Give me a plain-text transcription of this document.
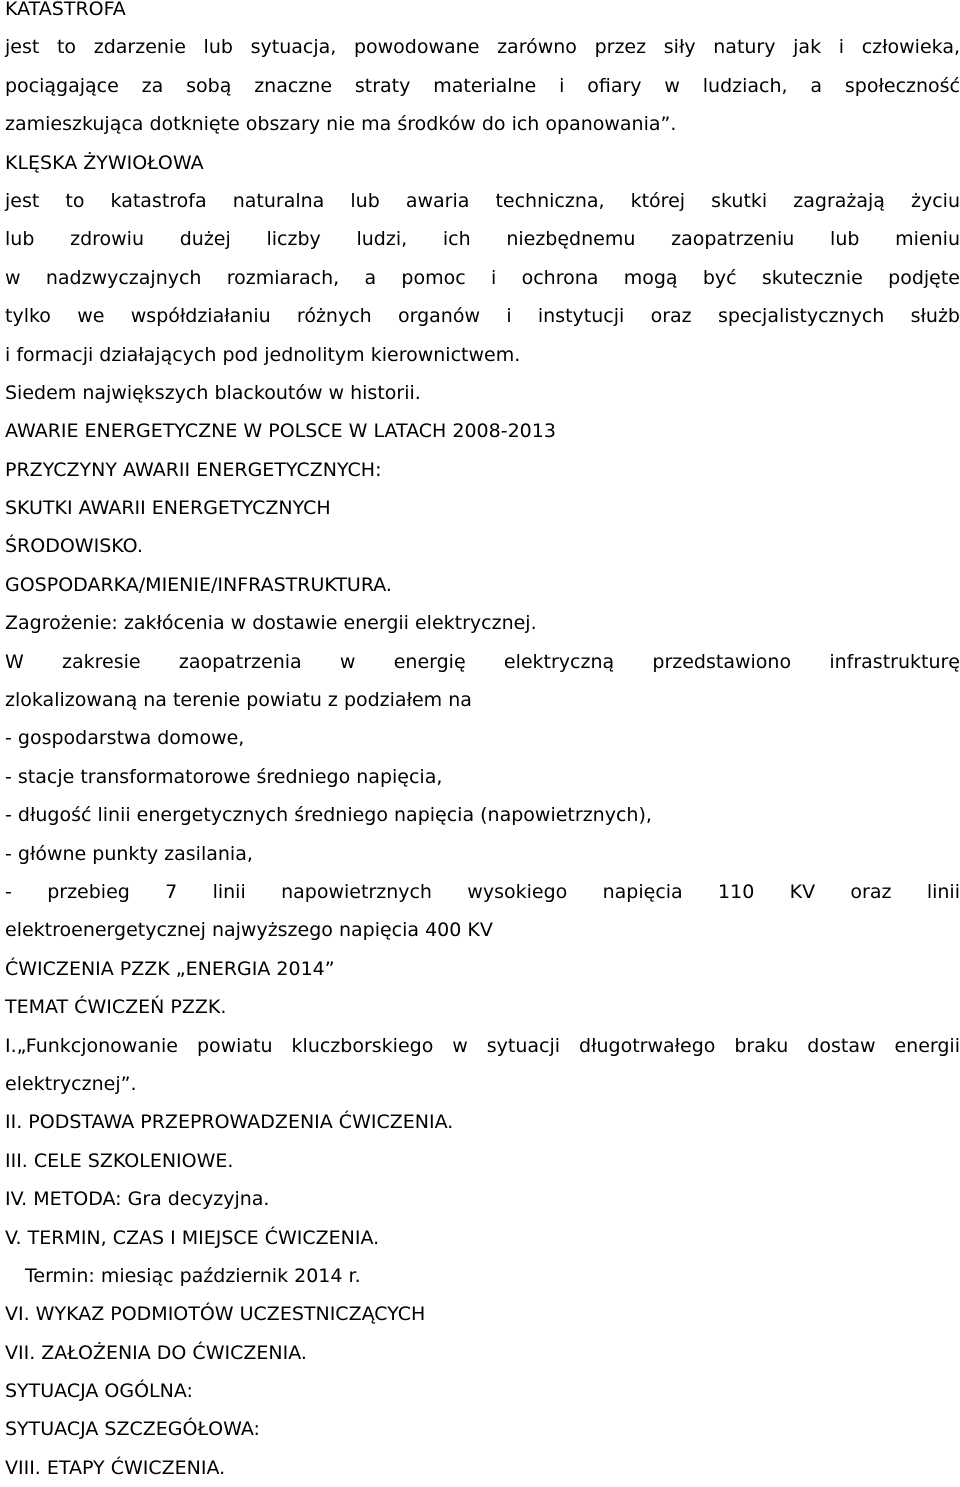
KATASTROFA
jest to zdarzenie lub sytuacja, powodowane zarówno przez siły natury jak i człowieka,
pociągające za sobą znaczne straty materialne i ofiary w ludziach, a społeczność
zamieszkująca dotknięte obszary nie ma środków do ich opanowania”.
KLĘSKA ŻYWIOŁOWA
jest to katastrofa naturalna lub awaria techniczna, której skutki zagrażają życiu
lub zdrowiu dużej liczby ludzi, ich niezbędnemu zaopatrzeniu lub mieniu
w nadzwyczajnych rozmiarach, a pomoc i ochrona mogą być skutecznie podjęte
tylko we współdziałaniu różnych organów i instytucji oraz specjalistycznych służb
i formacji działających pod jednolitym kierownictwem.
Siedem największych blackoutów w historii.
AWARIE ENERGETYCZNE W POLSCE W LATACH 2008-2013
PRZYCZYNY AWARII ENERGETYCZNYCH:
SKUTKI AWARII ENERGETYCZNYCH
ŚRODOWISKO.
GOSPODARKA/MIENIE/INFRASTRUKTURA.
Zagrożenie: zakłócenia w dostawie energii elektrycznej.
W zakresie zaopatrzenia w energię elektryczną przedstawiono infrastrukturę
zlokalizowaną na terenie powiatu z podziałem na
- gospodarstwa domowe,
- stacje transformatorowe średniego napięcia,
- długość linii energetycznych średniego napięcia (napowietrznych),
- główne punkty zasilania,
- przebieg 7 linii napowietrznych wysokiego napięcia 110 KV oraz linii
elektroenergetycznej najwyższego napięcia 400 KV
ĆWICZENIA PZZK „ENERGIA 2014”
TEMAT ĆWICZEŃ PZZK.
I.„Funkcjonowanie powiatu kluczborskiego w sytuacji długotrwałego braku dostaw energii
elektrycznej”.
II. PODSTAWA PRZEPROWADZENIA ĆWICZENIA.
III. CELE SZKOLENIOWE.
IV. METODA: Gra decyzyjna.
V. TERMIN, CZAS I MIEJSCE ĆWICZENIA.
Termin: miesiąc październik 2014 r.
VI. WYKAZ PODMIOTÓW UCZESTNICZĄCYCH
VII. ZAŁOŻENIA DO ĆWICZENIA.
SYTUACJA OGÓLNA:
SYTUACJA SZCZEGÓŁOWA:
VIII. ETAPY ĆWICZENIA.
